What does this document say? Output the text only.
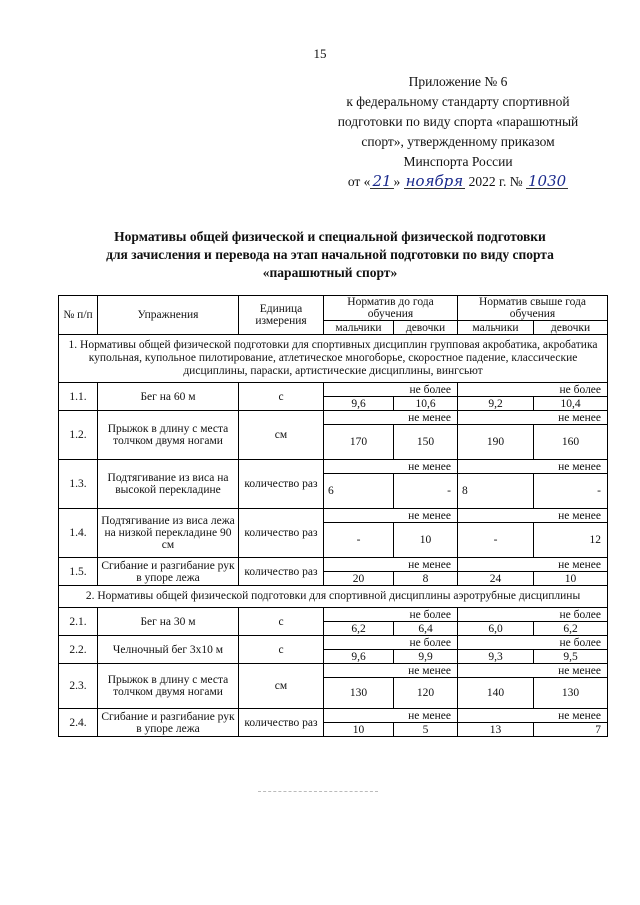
15
Приложение № 6
к федеральному стандарту спортивной
подготовки по виду спорта «парашютный
спорт», утвержденному приказом
Минспорта России
от « 21 » ноября 2022 г. № 1030
Нормативы общей физической и специальной физической подготовки
для зачисления и перевода на этап начальной подготовки по виду спорта
«парашютный спорт»
№ п/п	Упражнения	Единица измерения	Норматив до года обучения		Норматив свыше года обучения	
			мальчики	девочки	мальчики	девочки
1. Нормативы общей физической подготовки для спортивных дисциплин групповая акробатика, акробатика купольная, купольное пилотирование, атлетическое многоборье, скоростное падение, классические дисциплины, параски, артистические дисциплины, вингсьют						
1.1.	Бег на 60 м	с	не более		не более	
			9,6	10,6	9,2	10,4
1.2.	Прыжок в длину с места толчком двумя ногами	см	не менее		не менее	
			170	150	190	160
1.3.	Подтягивание из виса на высокой перекладине	количество раз	не менее		не менее	
			6	-	8	-
1.4.	Подтягивание из виса лежа на низкой перекладине 90 см	количество раз	не менее		не менее	
			-	10	-	12
1.5.	Сгибание и разгибание рук в упоре лежа	количество раз	не менее		не менее	
			20	8	24	10
2. Нормативы общей физической подготовки для спортивной дисциплины аэротрубные дисциплины						
2.1.	Бег на 30 м	с	не более		не более	
			6,2	6,4	6,0	6,2
2.2.	Челночный бег 3х10 м	с	не более		не более	
			9,6	9,9	9,3	9,5
2.3.	Прыжок в длину с места толчком двумя ногами	см	не менее		не менее	
			130	120	140	130
2.4.	Сгибание и разгибание рук в упоре лежа	количество раз	не менее		не менее	
			10	5	13	7
